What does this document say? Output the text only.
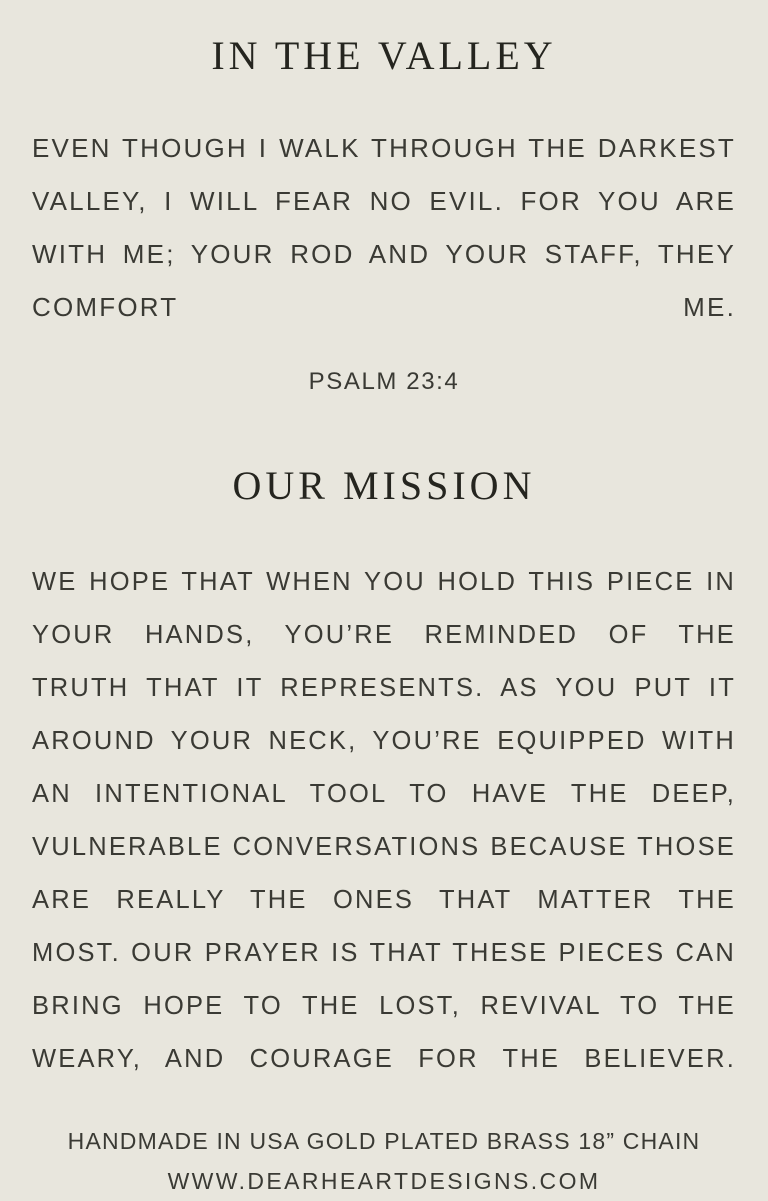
IN THE VALLEY

EVEN THOUGH I WALK THROUGH THE DARKEST VALLEY, I WILL FEAR NO EVIL. FOR YOU ARE WITH ME; YOUR ROD AND YOUR STAFF, THEY COMFORT ME.

PSALM 23:4

OUR MISSION

WE HOPE THAT WHEN YOU HOLD THIS PIECE IN YOUR HANDS, YOU’RE REMINDED OF THE TRUTH THAT IT REPRESENTS. AS YOU PUT IT AROUND YOUR NECK, YOU’RE EQUIPPED WITH AN INTENTIONAL TOOL TO HAVE THE DEEP, VULNERABLE CONVERSATIONS BECAUSE THOSE ARE REALLY THE ONES THAT MATTER THE MOST. OUR PRAYER IS THAT THESE PIECES CAN BRING HOPE TO THE LOST, REVIVAL TO THE WEARY, AND COURAGE FOR THE BELIEVER.

HANDMADE IN USA GOLD PLATED BRASS 18” CHAIN
WWW.DEARHEARTDESIGNS.COM
